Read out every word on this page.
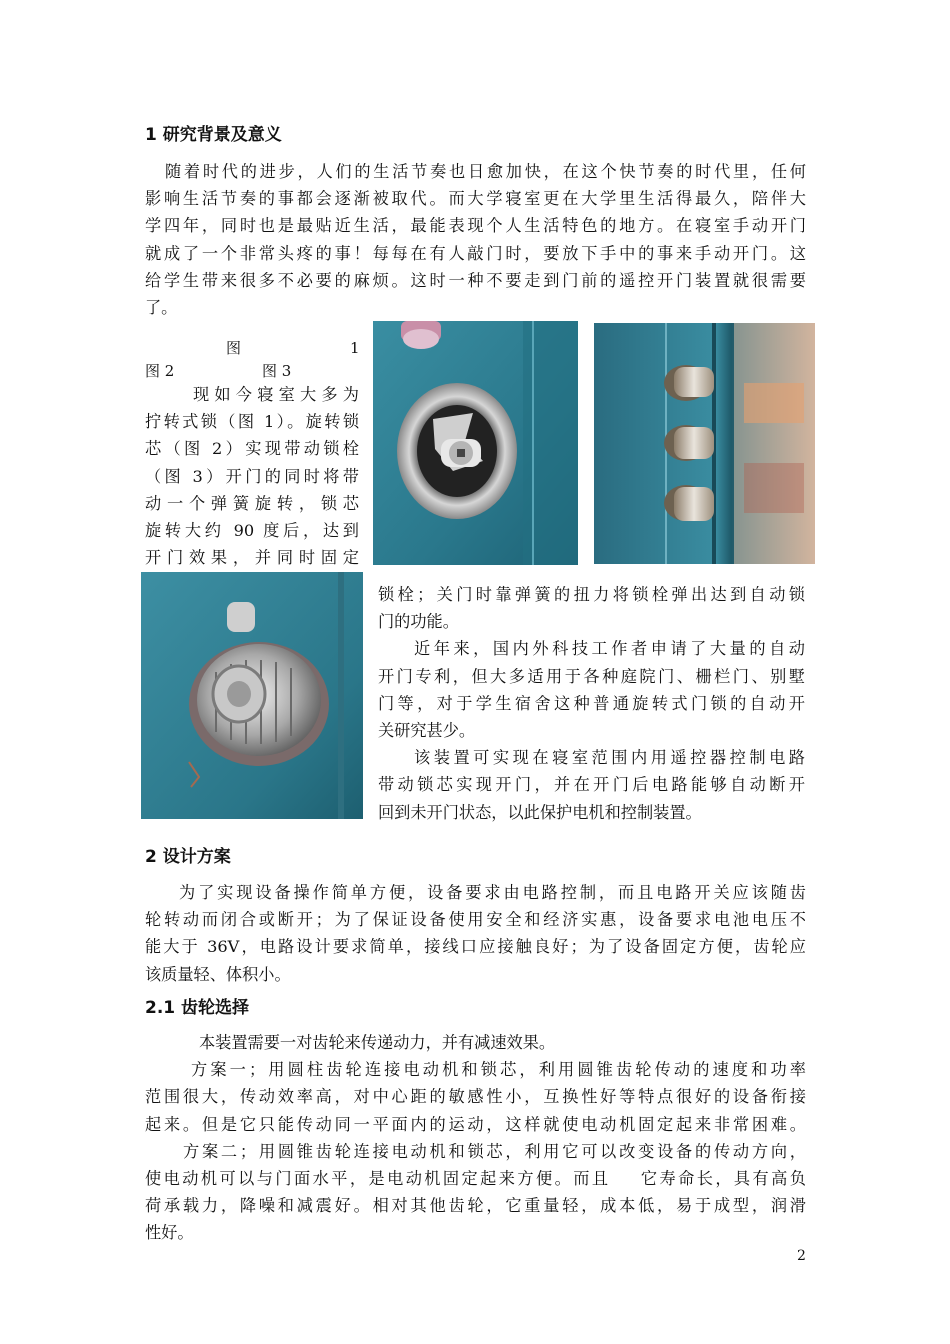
1 研究背景及意义
随着时代的进步，人们的生活节奏也日愈加快，在这个快节奏的时代里，任何
影响生活节奏的事都会逐渐被取代。而大学寝室更在大学里生活得最久，陪伴大
学四年，同时也是最贴近生活，最能表现个人生活特色的地方。在寝室手动开门
就成了一个非常头疼的事！每每在有人敲门时，要放下手中的事来手动开门。这
给学生带来很多不必要的麻烦。这时一种不要走到门前的遥控开门装置就很需要
了。
图	1
图 2	图 3
现如今寝室大多为
拧转式锁（图 1）。旋转锁
芯（图 2）实现带动锁栓
（图 3）开门的同时将带
动一个弹簧旋转，锁芯
旋转大约 90 度后，达到
开门效果，并同时固定
锁栓；关门时靠弹簧的扭力将锁栓弹出达到自动锁
门的功能。
近年来，国内外科技工作者申请了大量的自动
开门专利，但大多适用于各种庭院门、栅栏门、别墅
门等，对于学生宿舍这种普通旋转式门锁的自动开
关研究甚少。
该装置可实现在寝室范围内用遥控器控制电路
带动锁芯实现开门，并在开门后电路能够自动断开
回到未开门状态，以此保护电机和控制装置。
2 设计方案
为了实现设备操作简单方便，设备要求由电路控制，而且电路开关应该随齿
轮转动而闭合或断开；为了保证设备使用安全和经济实惠，设备要求电池电压不
能大于 36V，电路设计要求简单，接线口应接触良好；为了设备固定方便，齿轮应
该质量轻、体积小。
2.1 齿轮选择
本装置需要一对齿轮来传递动力，并有减速效果。
方案一；用圆柱齿轮连接电动机和锁芯，利用圆锥齿轮传动的速度和功率
范围很大，传动效率高，对中心距的敏感性小，互换性好等特点很好的设备衔接
起来。但是它只能传动同一平面内的运动，这样就使电动机固定起来非常困难。
方案二；用圆锥齿轮连接电动机和锁芯，利用它可以改变设备的传动方向，
使电动机可以与门面水平，是电动机固定起来方便。而且    它寿命长，具有高负
荷承载力，降噪和减震好。相对其他齿轮，它重量轻，成本低，易于成型，润滑
性好。
2
